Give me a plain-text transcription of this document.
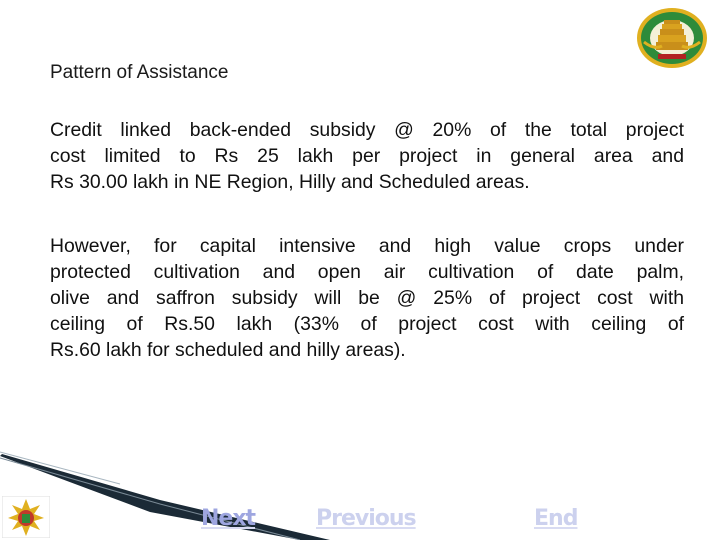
Pattern of Assistance
Credit linked back-ended subsidy @ 20% of the total project
cost limited to Rs 25 lakh per project in general area and
Rs 30.00 lakh in NE Region, Hilly and Scheduled areas.
However, for capital intensive and high value crops under
protected cultivation and open air cultivation of date palm,
olive and saffron subsidy will be @ 25% of project cost with
ceiling of Rs.50 lakh (33% of project cost with ceiling of
Rs.60 lakh for scheduled and hilly areas).
Next	Previous	End
